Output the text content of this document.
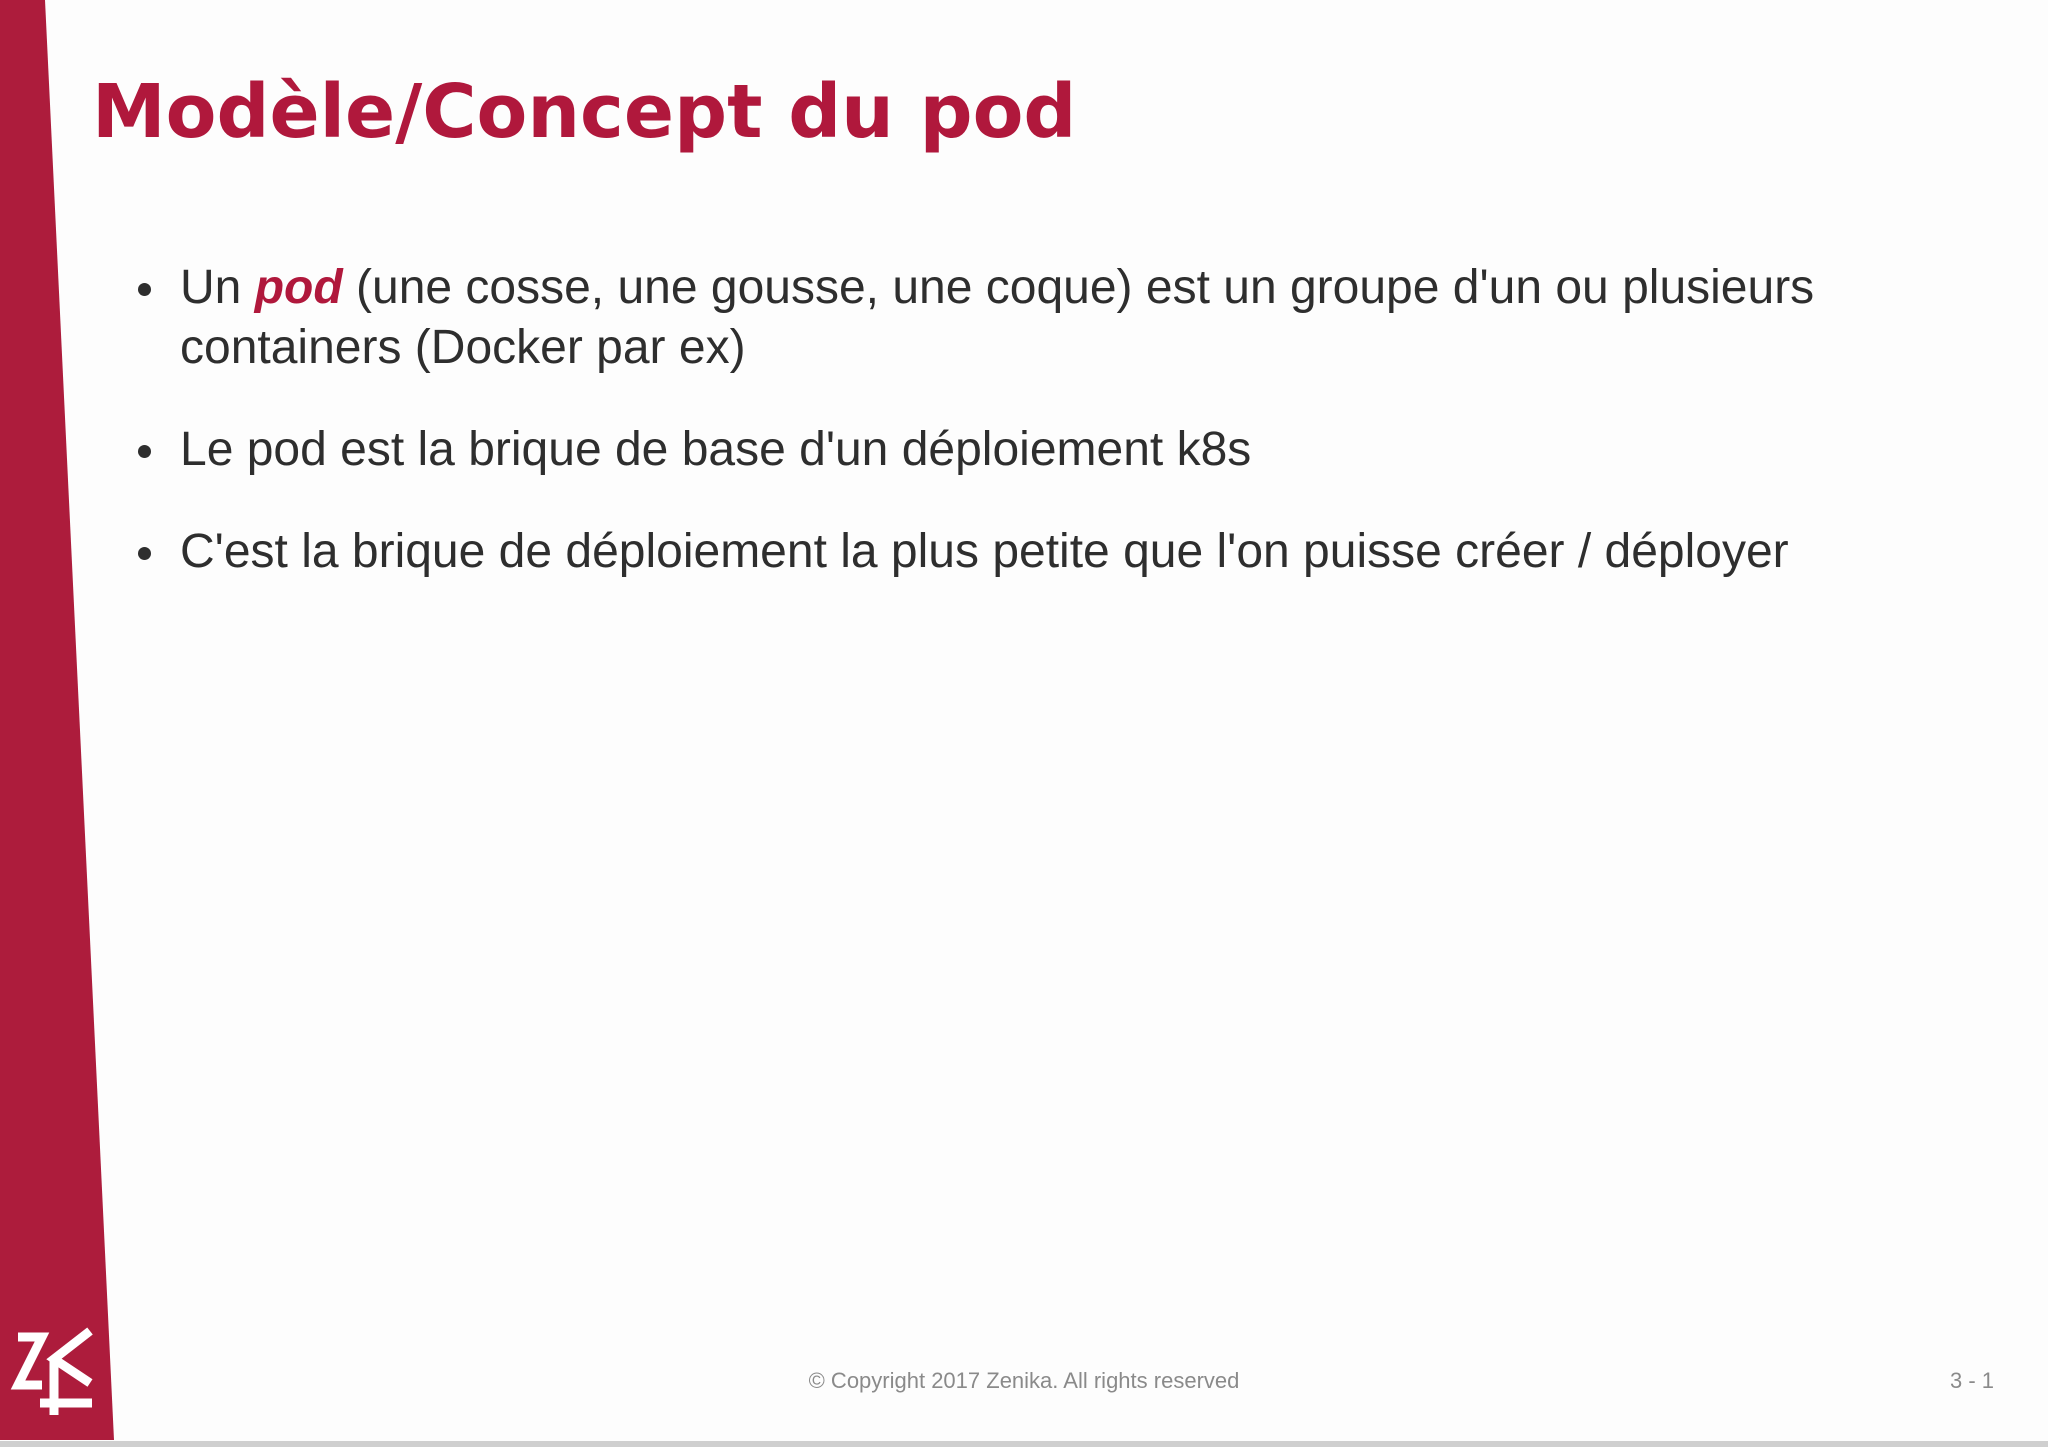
Modèle/Concept du pod
Un pod (une cosse, une gousse, une coque) est un groupe d'un ou plusieurs containers (Docker par ex)
Le pod est la brique de base d'un déploiement k8s
C'est la brique de déploiement la plus petite que l'on puisse créer / déployer
© Copyright 2017 Zenika. All rights reserved	3 - 1
